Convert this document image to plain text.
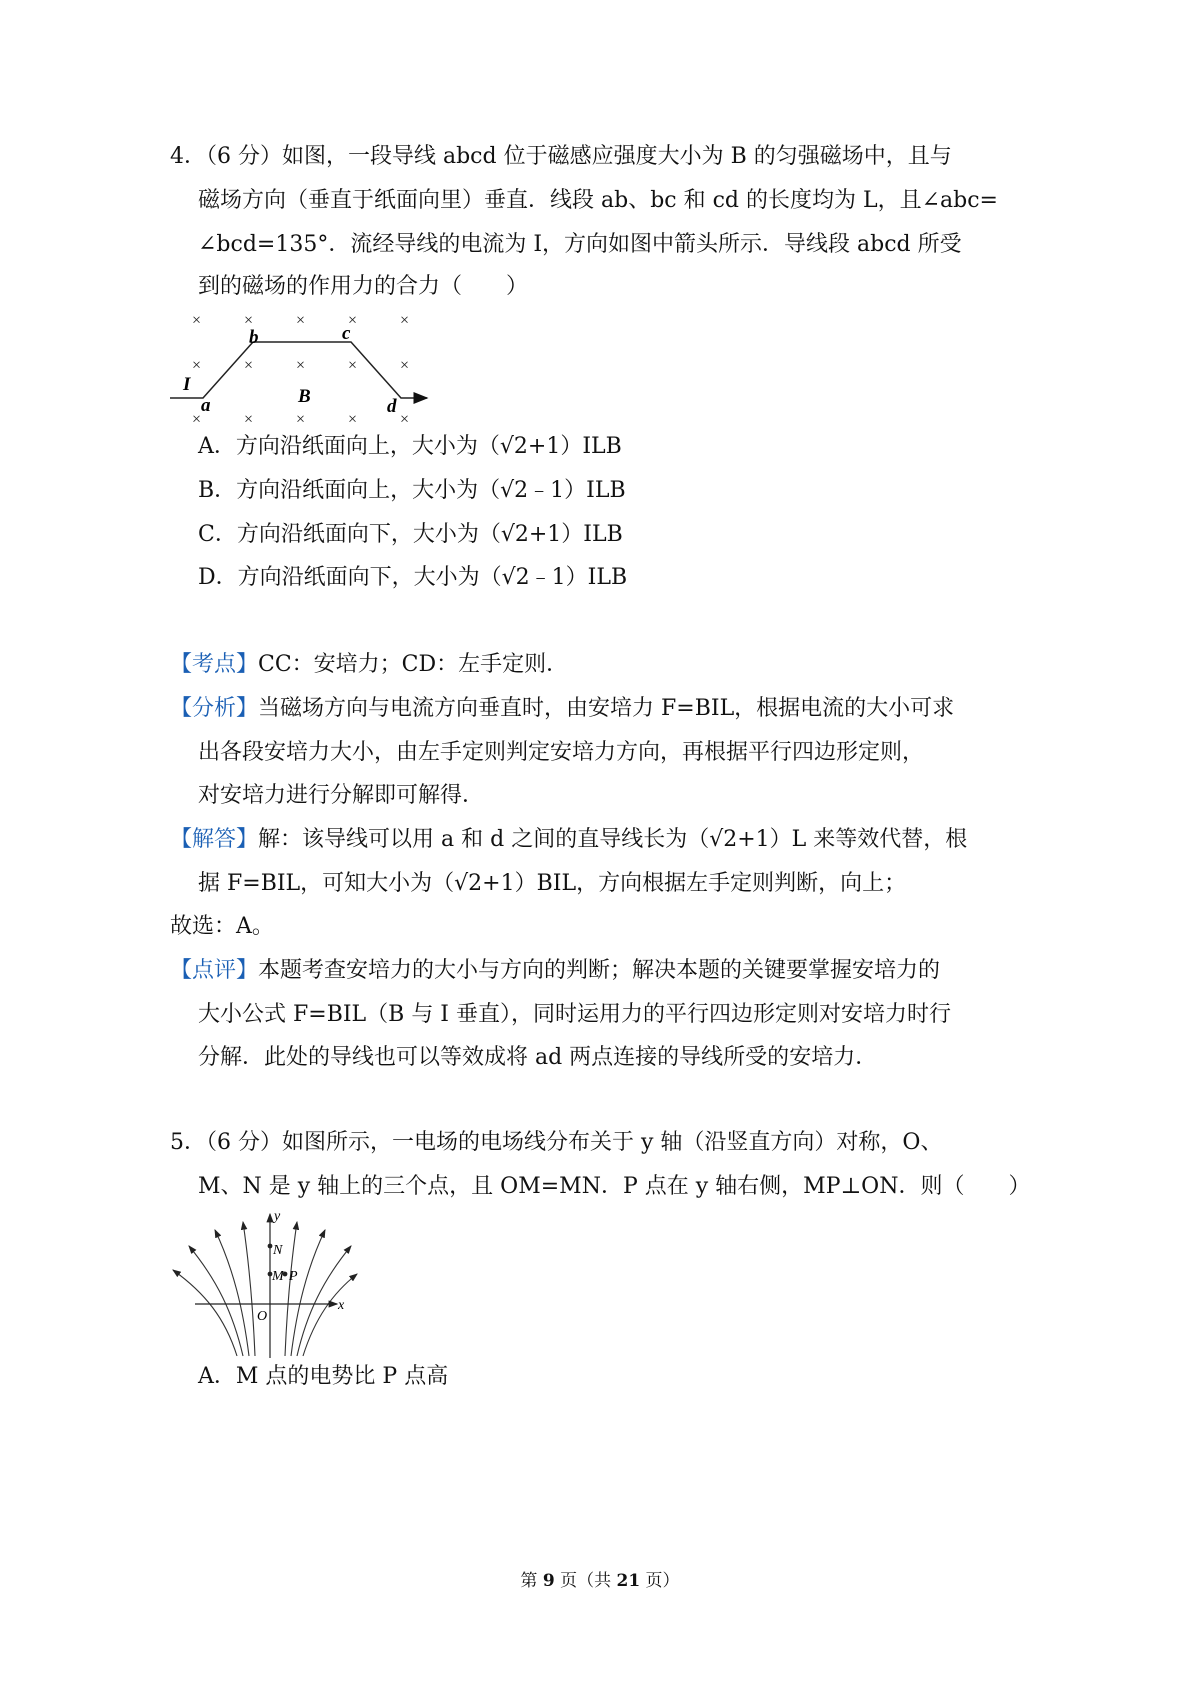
4．（6 分）如图，一段导线 abcd 位于磁感应强度大小为 B 的匀强磁场中，且与
磁场方向（垂直于纸面向里）垂直．线段 ab、bc 和 cd 的长度均为 L，且∠abc=
∠bcd=135°．流经导线的电流为 I，方向如图中箭头所示．导线段 abcd 所受
到的磁场的作用力的合力（　　）
×	×	×	×	×
×	×	×	×	×
×	×	×	×
×
I
a
b	c
B	d
A．方向沿纸面向上，大小为（√2+1）ILB
B．方向沿纸面向上，大小为（√2﹣1）ILB
C．方向沿纸面向下，大小为（√2+1）ILB
D．方向沿纸面向下，大小为（√2﹣1）ILB
【考点】CC：安培力；CD：左手定则．
【分析】当磁场方向与电流方向垂直时，由安培力 F=BIL，根据电流的大小可求
出各段安培力大小，由左手定则判定安培力方向，再根据平行四边形定则，
对安培力进行分解即可解得．
【解答】解：该导线可以用 a 和 d 之间的直导线长为（√2+1）L 来等效代替，根
据 F=BIL，可知大小为（√2+1）BIL，方向根据左手定则判断，向上；
故选：A。
【点评】本题考查安培力的大小与方向的判断；解决本题的关键要掌握安培力的
大小公式 F=BIL（B 与 I 垂直），同时运用力的平行四边形定则对安培力时行
分解．此处的导线也可以等效成将 ad 两点连接的导线所受的安培力．
5．（6 分）如图所示，一电场的电场线分布关于 y 轴（沿竖直方向）对称，O、
M、N 是 y 轴上的三个点，且 OM=MN．P 点在 y 轴右侧，MP⊥ON．则（　　）
y
x
N
M P
O
A．M 点的电势比 P 点高
第 9 页（共 21 页）
